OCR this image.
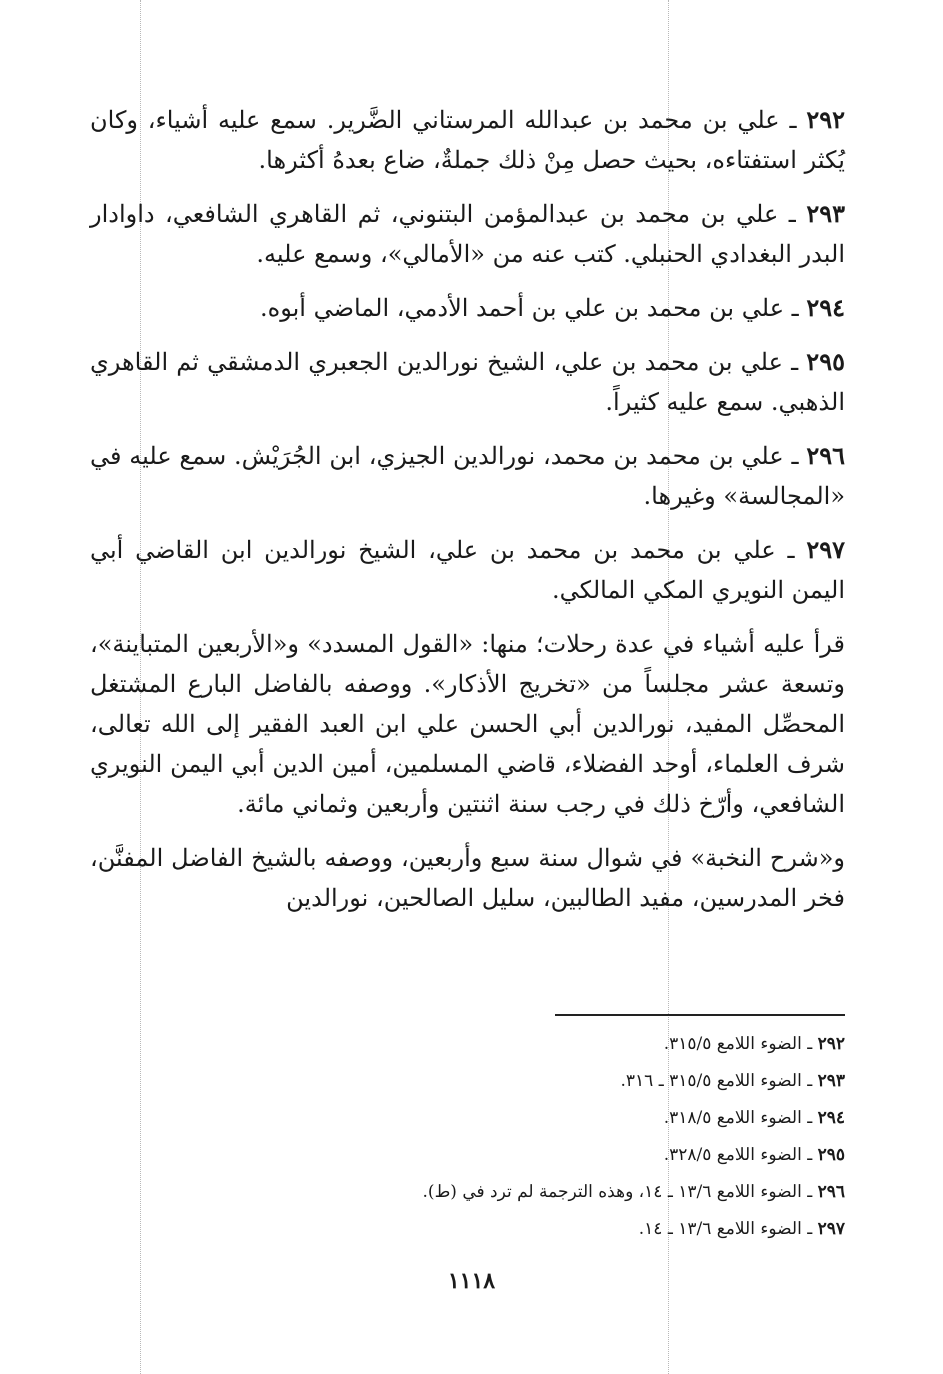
٢٩٢ ـ علي بن محمد بن عبدالله المرستاني الضَّرير. سمع عليه أشياء، وكان يُكثر استفتاءه، بحيث حصل مِنْ ذلك جملةٌ، ضاع بعدهُ أكثرها.
٢٩٣ ـ علي بن محمد بن عبدالمؤمن البتنوني، ثم القاهري الشافعي، داوادار البدر البغدادي الحنبلي. كتب عنه من «الأمالي»، وسمع عليه.
٢٩٤ ـ علي بن محمد بن علي بن أحمد الأدمي، الماضي أبوه.
٢٩٥ ـ علي بن محمد بن علي، الشيخ نورالدين الجعبري الدمشقي ثم القاهري الذهبي. سمع عليه كثيراً.
٢٩٦ ـ علي بن محمد بن محمد، نورالدين الجيزي، ابن الجُرَيْش. سمع عليه في «المجالسة» وغيرها.
٢٩٧ ـ علي بن محمد بن محمد بن علي، الشيخ نورالدين ابن القاضي أبي اليمن النويري المكي المالكي.

قرأ عليه أشياء في عدة رحلات؛ منها: «القول المسدد» و«الأربعين المتباينة»، وتسعة عشر مجلساً من «تخريج الأذكار». ووصفه بالفاضل البارع المشتغل المحصِّل المفيد، نورالدين أبي الحسن علي ابن العبد الفقير إلى الله تعالى، شرف العلماء، أوحد الفضلاء، قاضي المسلمين، أمين الدين أبي اليمن النويري الشافعي، وأرّخ ذلك في رجب سنة اثنتين وأربعين وثماني مائة.

و«شرح النخبة» في شوال سنة سبع وأربعين، ووصفه بالشيخ الفاضل المفنَّن، فخر المدرسين، مفيد الطالبين، سليل الصالحين، نورالدين

٢٩٢ ـ الضوء اللامع ٣١٥/٥.
٢٩٣ ـ الضوء اللامع ٣١٥/٥ ـ ٣١٦.
٢٩٤ ـ الضوء اللامع ٣١٨/٥.
٢٩٥ ـ الضوء اللامع ٣٢٨/٥.
٢٩٦ ـ الضوء اللامع ١٣/٦ ـ ١٤، وهذه الترجمة لم ترد في (ط).
٢٩٧ ـ الضوء اللامع ١٣/٦ ـ ١٤.
١١١٨
